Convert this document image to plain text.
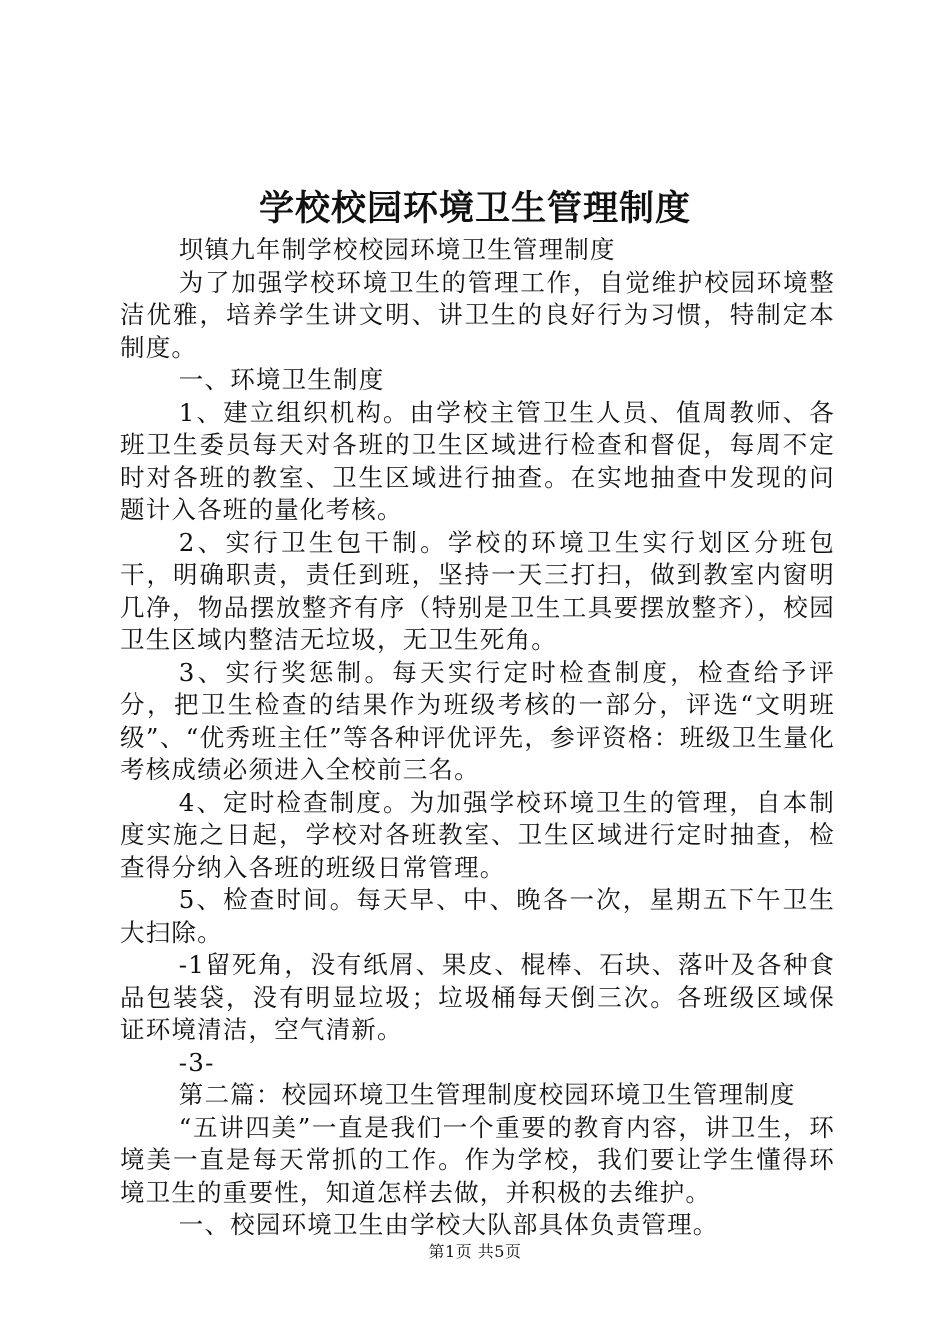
学校校园环境卫生管理制度

坝镇九年制学校校园环境卫生管理制度

为了加强学校环境卫生的管理工作，自觉维护校园环境整洁优雅，培养学生讲文明、讲卫生的良好行为习惯，特制定本制度。

一、环境卫生制度

1、建立组织机构。由学校主管卫生人员、值周教师、各班卫生委员每天对各班的卫生区域进行检查和督促，每周不定时对各班的教室、卫生区域进行抽查。在实地抽查中发现的问题计入各班的量化考核。

2、实行卫生包干制。学校的环境卫生实行划区分班包干，明确职责，责任到班，坚持一天三打扫，做到教室内窗明几净，物品摆放整齐有序（特别是卫生工具要摆放整齐），校园卫生区域内整洁无垃圾，无卫生死角。

3、实行奖惩制。每天实行定时检查制度，检查给予评分，把卫生检查的结果作为班级考核的一部分，评选“文明班级”、“优秀班主任”等各种评优评先，参评资格：班级卫生量化考核成绩必须进入全校前三名。

4、定时检查制度。为加强学校环境卫生的管理，自本制度实施之日起，学校对各班教室、卫生区域进行定时抽查，检查得分纳入各班的班级日常管理。

5、检查时间。每天早、中、晚各一次，星期五下午卫生大扫除。

-1留死角，没有纸屑、果皮、棍棒、石块、落叶及各种食品包装袋，没有明显垃圾；垃圾桶每天倒三次。各班级区域保证环境清洁，空气清新。

-3-

第二篇：校园环境卫生管理制度校园环境卫生管理制度

“五讲四美”一直是我们一个重要的教育内容，讲卫生，环境美一直是每天常抓的工作。作为学校，我们要让学生懂得环境卫生的重要性，知道怎样去做，并积极的去维护。

一、校园环境卫生由学校大队部具体负责管理。

第1页 共5页
